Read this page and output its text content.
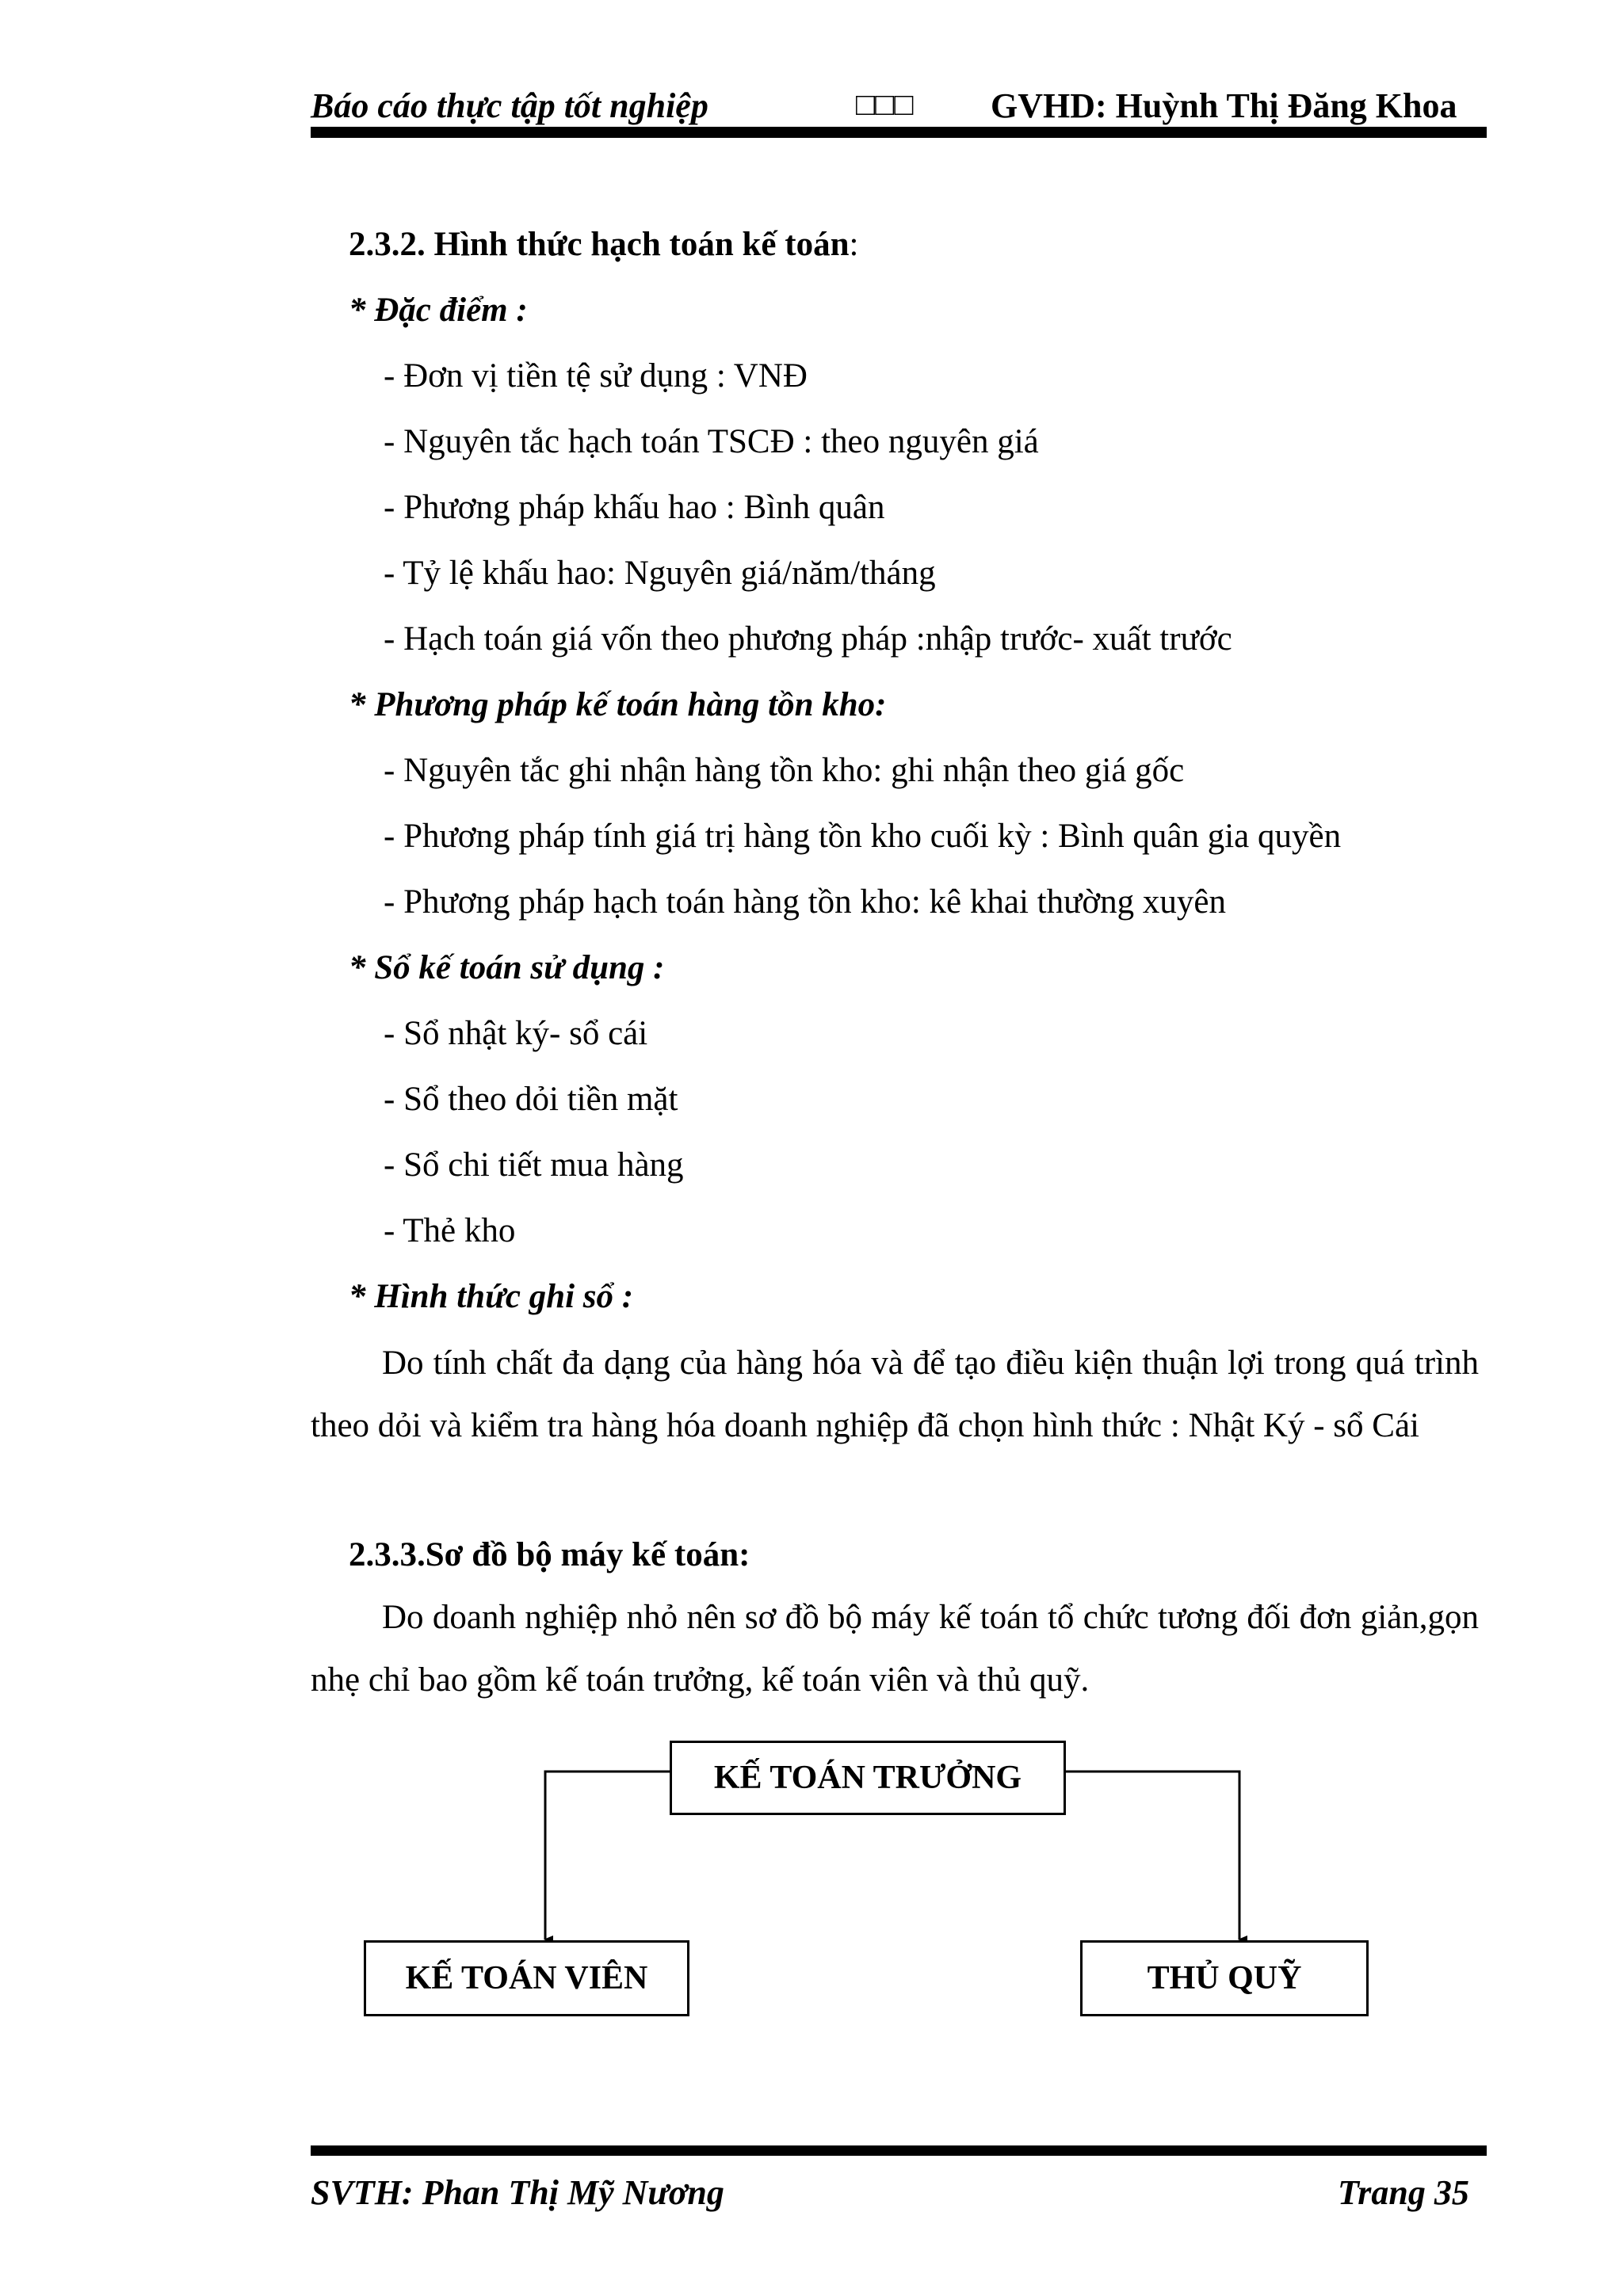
Báo cáo thực tập tốt nghiệp	□□□ GVHD: Huỳnh Thị Đăng Khoa
2.3.2. Hình thức hạch toán kế toán:
* Đặc điểm :
- Đơn vị tiền tệ sử dụng : VNĐ
- Nguyên tắc hạch toán TSCĐ : theo nguyên giá
- Phương pháp khấu hao : Bình quân
- Tỷ lệ khấu hao: Nguyên giá/năm/tháng
- Hạch toán giá vốn theo phương pháp :nhập trước- xuất trước
* Phương pháp kế toán hàng tồn kho:
- Nguyên tắc ghi nhận hàng tồn kho: ghi nhận theo giá gốc
- Phương pháp tính giá trị hàng tồn kho cuối kỳ : Bình quân gia quyền
- Phương pháp hạch toán hàng tồn kho: kê khai thường xuyên
* Sổ kế toán sử dụng :
- Sổ nhật ký- sổ cái
- Sổ theo dỏi tiền mặt
- Sổ chi tiết mua hàng
- Thẻ kho
* Hình thức ghi sổ :
Do tính chất đa dạng của hàng hóa và để tạo điều kiện thuận lợi trong quá trình theo dỏi và kiểm tra hàng hóa doanh nghiệp đã chọn hình thức : Nhật Ký - sổ Cái
2.3.3.Sơ đồ bộ máy kế toán:
Do doanh nghiệp nhỏ nên sơ đồ bộ máy kế toán tổ chức tương đối đơn giản,gọn nhẹ chỉ bao gồm kế toán trưởng, kế toán viên và thủ quỹ.
KẾ TOÁN TRƯỞNG
KẾ TOÁN VIÊN	THỦ QUỸ
SVTH: Phan Thị Mỹ Nương	Trang 35
